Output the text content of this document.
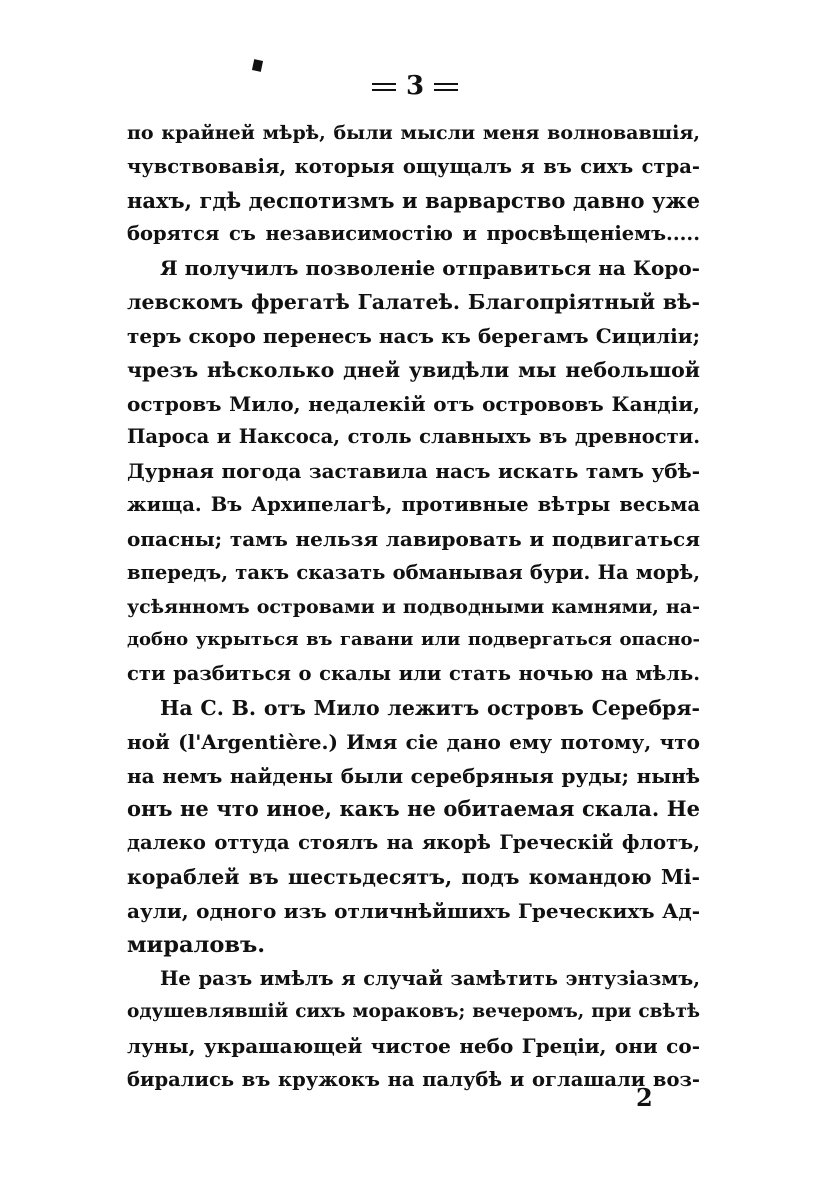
3
по крайней мѣрѣ, были мысли меня волновавшія,
чувствовавія, которыя ощущалъ я въ сихъ стра-
нахъ, гдѣ деспотизмъ и варварство давно уже
борятся съ независимостію и просвѣщеніемъ.....
Я получилъ позволеніе отправиться на Коро-
левскомъ фрегатѣ Галатеѣ. Благопріятный вѣ-
теръ скоро перенесъ насъ къ берегамъ Сициліи;
чрезъ нѣсколько дней увидѣли мы небольшой
островъ Мило, недалекій отъ острововъ Кандіи,
Пароса и Наксоса, столь славныхъ въ древности.
Дурная погода заставила насъ искать тамъ убѣ-
жища. Въ Архипелагѣ, противные вѣтры весьма
опасны; тамъ нельзя лавировать и подвигаться
впередъ, такъ сказать обманывая бури. На морѣ,
усѣянномъ островами и подводными камнями, на-
добно укрыться въ гавани или подвергаться опасно-
сти разбиться о скалы или стать ночью на мѣль.
На С. В. отъ Мило лежитъ островъ Серебря-
ной (l'Argentière.) Имя сіе дано ему потому, что
на немъ найдены были серебряныя руды; нынѣ
онъ не что иное, какъ не обитаемая скала. Не
далеко оттуда стоялъ на якорѣ Греческій флотъ,
кораблей въ шестьдесятъ, подъ командою Mi-
аули, одного изъ отличнѣйшихъ Греческихъ Ад-
мираловъ.
Не разъ имѣлъ я случай замѣтить энтузіазмъ,
одушевлявшій сихъ мораковъ; вечеромъ, при свѣтѣ
луны, украшающей чистое небо Греціи, они со-
бирались въ кружокъ на палубѣ и оглашали воз-
2
